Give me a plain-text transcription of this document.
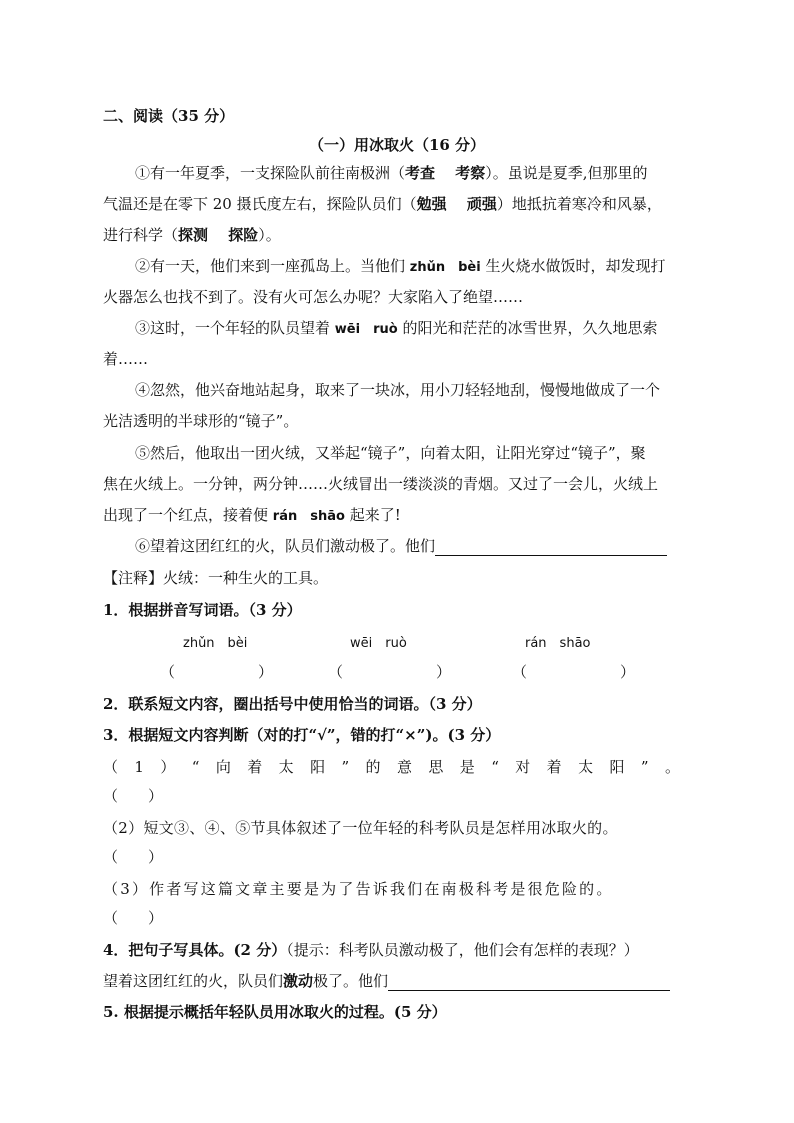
二、阅读（35 分）
（一）用冰取火（16 分）
①有一年夏季，一支探险队前往南极洲（考查　 考察）。虽说是夏季,但那里的
气温还是在零下 20 摄氏度左右，探险队员们（勉强　 顽强）地抵抗着寒冷和风暴，
进行科学（探测　 探险）。
②有一天，他们来到一座孤岛上。当他们 zhǔn　bèi 生火烧水做饭时，却发现打
火器怎么也找不到了。没有火可怎么办呢？大家陷入了绝望……
③这时，一个年轻的队员望着 wēi　ruò 的阳光和茫茫的冰雪世界，久久地思索
着……
④忽然，他兴奋地站起身，取来了一块冰，用小刀轻轻地刮，慢慢地做成了一个
光洁透明的半球形的“镜子”。
⑤然后，他取出一团火绒，又举起“镜子”，向着太阳，让阳光穿过“镜子”，聚
焦在火绒上。一分钟，两分钟……火绒冒出一缕淡淡的青烟。又过了一会儿，火绒上
出现了一个红点，接着便 rán　shāo 起来了!
⑥望着这团红红的火，队员们激动极了。他们
【注释】火绒：一种生火的工具。
1．根据拼音写词语。（3 分）
zhǔn　bèi	wēi　ruò	rán　shāo
（	）	（	）	（	）
2．联系短文内容，圈出括号中使用恰当的词语。（3 分）
3．根据短文内容判断（对的打“√”，错的打“×”)。(3 分）
（1）“向着太阳”的意思是“对着太阳”。
（　　）
（2）短文③、④、⑤节具体叙述了一位年轻的科考队员是怎样用冰取火的。
（　　）
（3）作者写这篇文章主要是为了告诉我们在南极科考是很危险的。
（　　）
4．把句子写具体。(2 分）（提示：科考队员激动极了，他们会有怎样的表现？）
望着这团红红的火，队员们激动极了。他们
5. 根据提示概括年轻队员用冰取火的过程。(5 分）
